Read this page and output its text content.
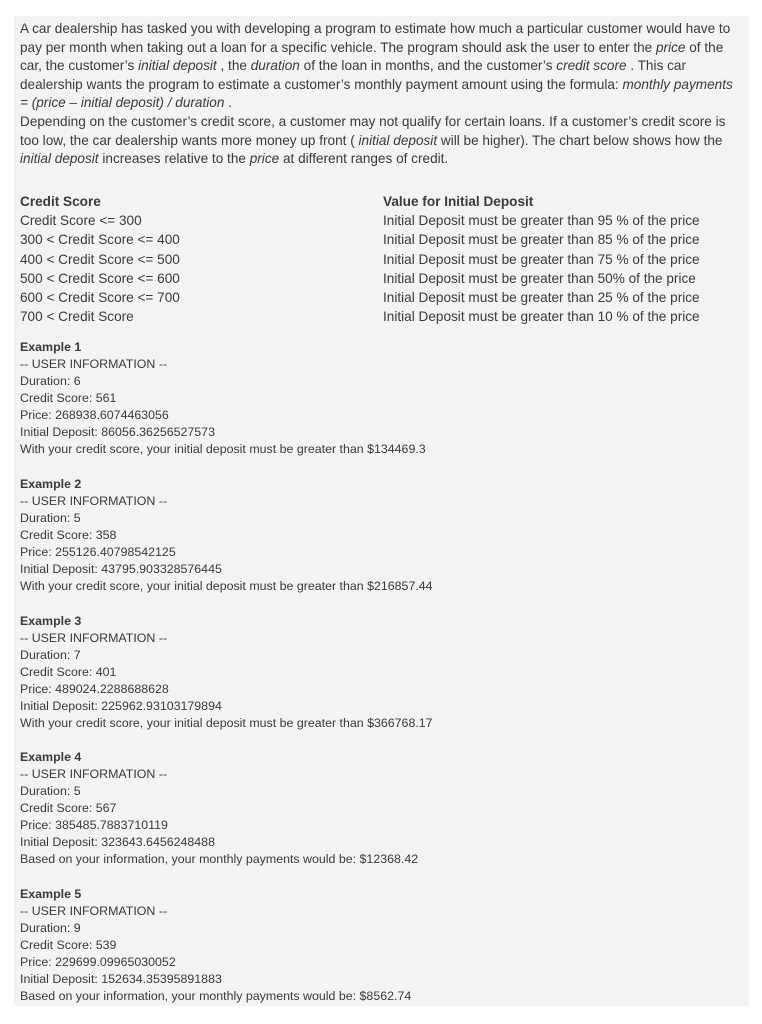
A car dealership has tasked you with developing a program to estimate how much a particular customer would have to pay per month when taking out a loan for a specific vehicle. The program should ask the user to enter the price of the car, the customer’s initial deposit , the duration of the loan in months, and the customer’s credit score . This car dealership wants the program to estimate a customer’s monthly payment amount using the formula: monthly payments = (price – initial deposit) / duration .

Depending on the customer’s credit score, a customer may not qualify for certain loans. If a customer’s credit score is too low, the car dealership wants more money up front ( initial deposit will be higher). The chart below shows how the initial deposit increases relative to the price at different ranges of credit.

Credit Score	Value for Initial Deposit
Credit Score <= 300	Initial Deposit must be greater than 95 % of the price
300 < Credit Score <= 400	Initial Deposit must be greater than 85 % of the price
400 < Credit Score <= 500	Initial Deposit must be greater than 75 % of the price
500 < Credit Score <= 600	Initial Deposit must be greater than 50% of the price
600 < Credit Score <= 700	Initial Deposit must be greater than 25 % of the price
700 < Credit Score	Initial Deposit must be greater than 10 % of the price
Example 1
-- USER INFORMATION --
Duration: 6
Credit Score: 561
Price: 268938.6074463056
Initial Deposit: 86056.36256527573
With your credit score, your initial deposit must be greater than $134469.3
Example 2
-- USER INFORMATION --
Duration: 5
Credit Score: 358
Price: 255126.40798542125
Initial Deposit: 43795.903328576445
With your credit score, your initial deposit must be greater than $216857.44
Example 3
-- USER INFORMATION --
Duration: 7
Credit Score: 401
Price: 489024.2288688628
Initial Deposit: 225962.93103179894
With your credit score, your initial deposit must be greater than $366768.17
Example 4
-- USER INFORMATION --
Duration: 5
Credit Score: 567
Price: 385485.7883710119
Initial Deposit: 323643.6456248488
Based on your information, your monthly payments would be: $12368.42
Example 5
-- USER INFORMATION --
Duration: 9
Credit Score: 539
Price: 229699.09965030052
Initial Deposit: 152634.35395891883
Based on your information, your monthly payments would be: $8562.74
